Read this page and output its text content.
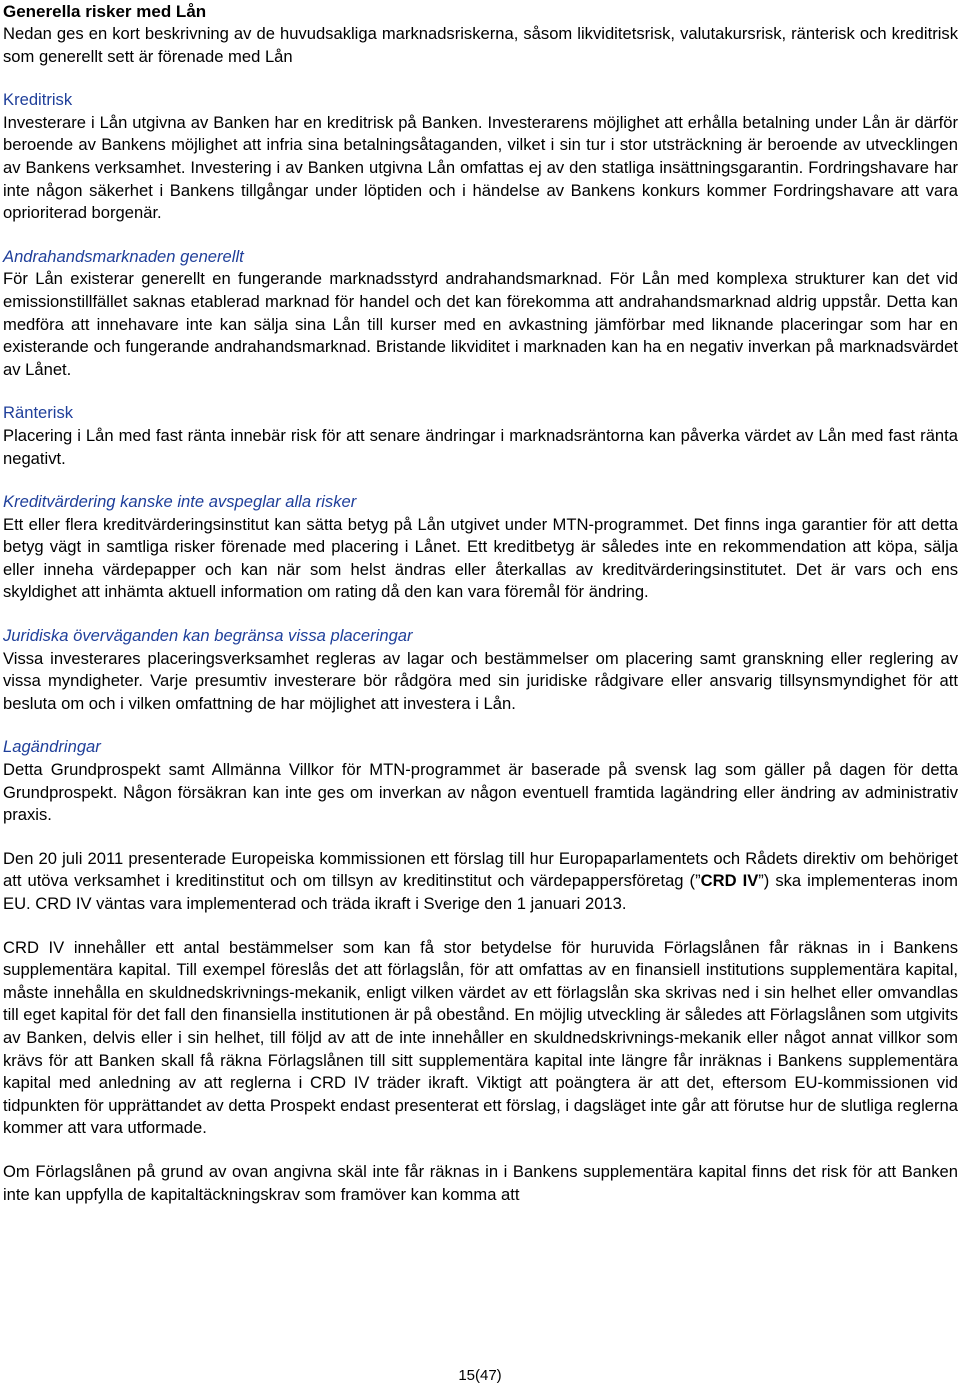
Generella risker med Lån

Nedan ges en kort beskrivning av de huvudsakliga marknadsriskerna, såsom likviditetsrisk, valutakursrisk, ränterisk och kreditrisk som generellt sett är förenade med Lån

Kreditrisk

Investerare i Lån utgivna av Banken har en kreditrisk på Banken. Investerarens möjlighet att erhålla betalning under Lån är därför beroende av Bankens möjlighet att infria sina betalningsåtaganden, vilket i sin tur i stor utsträckning är beroende av utvecklingen av Bankens verksamhet. Investering i av Banken utgivna Lån omfattas ej av den statliga insättningsgarantin. Fordringshavare har inte någon säkerhet i Bankens tillgångar under löptiden och i händelse av Bankens konkurs kommer Fordringshavare att vara oprioriterad borgenär.

Andrahandsmarknaden generellt

För Lån existerar generellt en fungerande marknadsstyrd andrahandsmarknad. För Lån med komplexa strukturer kan det vid emissionstillfället saknas etablerad marknad för handel och det kan förekomma att andrahandsmarknad aldrig uppstår. Detta kan medföra att innehavare inte kan sälja sina Lån till kurser med en avkastning jämförbar med liknande placeringar som har en existerande och fungerande andrahandsmarknad. Bristande likviditet i marknaden kan ha en negativ inverkan på marknadsvärdet av Lånet.

Ränterisk

Placering i Lån med fast ränta innebär risk för att senare ändringar i marknadsräntorna kan påverka värdet av Lån med fast ränta negativt.

Kreditvärdering kanske inte avspeglar alla risker

Ett eller flera kreditvärderingsinstitut kan sätta betyg på Lån utgivet under MTN-programmet. Det finns inga garantier för att detta betyg vägt in samtliga risker förenade med placering i Lånet. Ett kreditbetyg är således inte en rekommendation att köpa, sälja eller inneha värdepapper och kan när som helst ändras eller återkallas av kreditvärderingsinstitutet. Det är vars och ens skyldighet att inhämta aktuell information om rating då den kan vara föremål för ändring.

Juridiska överväganden kan begränsa vissa placeringar

Vissa investerares placeringsverksamhet regleras av lagar och bestämmelser om placering samt granskning eller reglering av vissa myndigheter. Varje presumtiv investerare bör rådgöra med sin juridiske rådgivare eller ansvarig tillsynsmyndighet för att besluta om och i vilken omfattning de har möjlighet att investera i Lån.

Lagändringar

Detta Grundprospekt samt Allmänna Villkor för MTN-programmet är baserade på svensk lag som gäller på dagen för detta Grundprospekt. Någon försäkran kan inte ges om inverkan av någon eventuell framtida lagändring eller ändring av administrativ praxis.

Den 20 juli 2011 presenterade Europeiska kommissionen ett förslag till hur Europaparlamentets och Rådets direktiv om behöriget att utöva verksamhet i kreditinstitut och om tillsyn av kreditinstitut och värdepappersföretag (”CRD IV”) ska implementeras inom EU. CRD IV väntas vara implementerad och träda ikraft i Sverige den 1 januari 2013.

CRD IV innehåller ett antal bestämmelser som kan få stor betydelse för huruvida Förlagslånen får räknas in i Bankens supplementära kapital. Till exempel föreslås det att förlagslån, för att omfattas av en finansiell institutions supplementära kapital, måste innehålla en skuldnedskrivnings-mekanik, enligt vilken värdet av ett förlagslån ska skrivas ned i sin helhet eller omvandlas till eget kapital för det fall den finansiella institutionen är på obestånd. En möjlig utveckling är således att Förlagslånen som utgivits av Banken, delvis eller i sin helhet, till följd av att de inte innehåller en skuldnedskrivnings-mekanik eller något annat villkor som krävs för att Banken skall få räkna Förlagslånen till sitt supplementära kapital inte längre får inräknas i Bankens supplementära kapital med anledning av att reglerna i CRD IV träder ikraft. Viktigt att poängtera är att det, eftersom EU-kommissionen vid tidpunkten för upprättandet av detta Prospekt endast presenterat ett förslag, i dagsläget inte går att förutse hur de slutliga reglerna kommer att vara utformade.

Om Förlagslånen på grund av ovan angivna skäl inte får räknas in i Bankens supplementära kapital finns det risk för att Banken inte kan uppfylla de kapitaltäckningskrav som framöver kan komma att

15(47)
